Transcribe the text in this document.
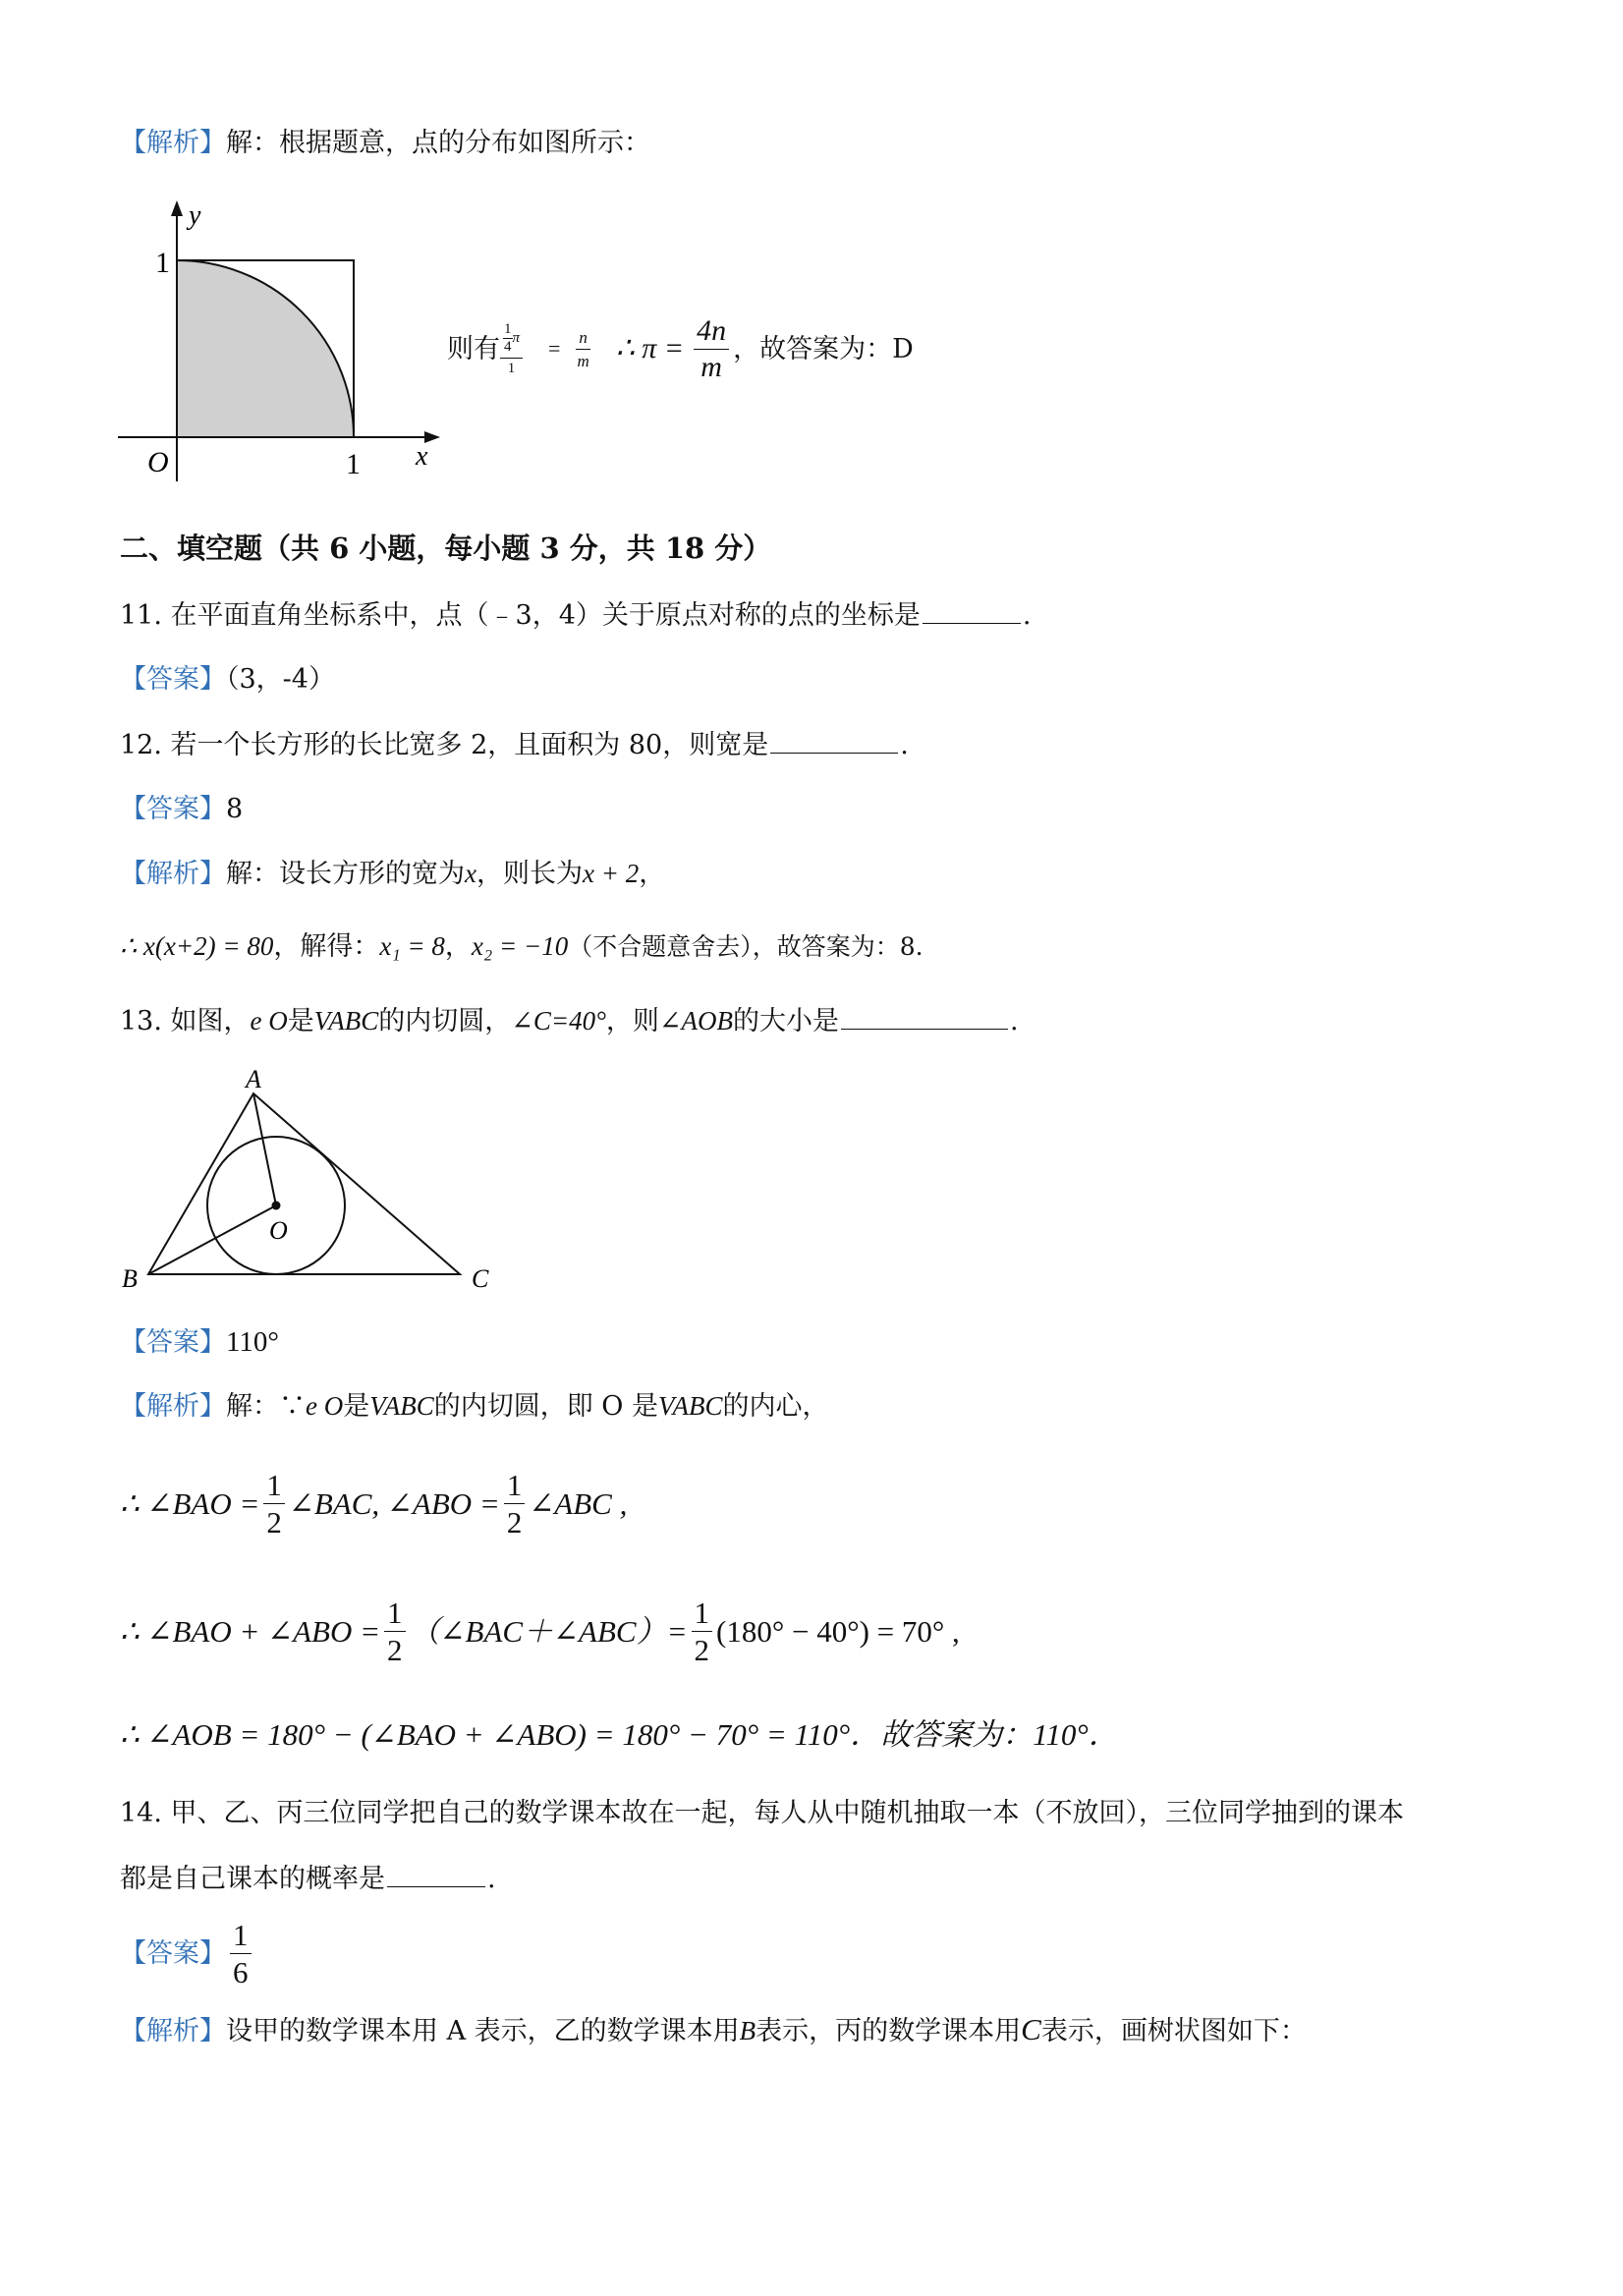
【解析】解：根据题意，点的分布如图所示：
y
x
O
1
1
则有 $\frac{\frac{1}{4} \pi}{1} = \frac{n}{m}$ ∴ $\pi = \frac{4n}{m}$ ，故答案为：D
二、填空题（共 6 小题，每小题 3 分，共 18 分）
11. 在平面直角坐标系中，点（﹣3，4）关于原点对称的点的坐标是	.
【答案】（3，-4）
12. 若一个长方形的长比宽多 2，且面积为 80，则宽是	.
【答案】8
【解析】解：设长方形的宽为x，则长为x + 2，
∴ x(x+2) = 80，解得：x₁ = 8，x₂ = −10（不合题意舍去），故答案为：8.
13. 如图，e O是VABC的内切圆，∠C=40°，则∠AOB的大小是	.
A
B	C
O
【答案】110°
【解析】解：∵e O是VABC的内切圆，即 O 是VABC的内心，
∴ ∠BAO = $\frac{1}{2}$ ∠BAC, ∠ABO = $\frac{1}{2}$ ∠ABC ,
∴ ∠BAO + ∠ABO = $\frac{1}{2}$ （∠BAC＋∠ABC）= $\frac{1}{2} (180^\circ - 40^\circ) = 70^\circ$ ,
∴ ∠AOB = 180° − (∠BAO + ∠ABO) = 180° − 70° = 110°．故答案为：110°．
14. 甲、乙、丙三位同学把自己的数学课本故在一起，每人从中随机抽取一本（不放回），三位同学抽到的课本
都是自己课本的概率是	.
【答案】 $\frac{1}{6}$
【解析】设甲的数学课本用 A 表示，乙的数学课本用B表示，丙的数学课本用C表示，画树状图如下：
